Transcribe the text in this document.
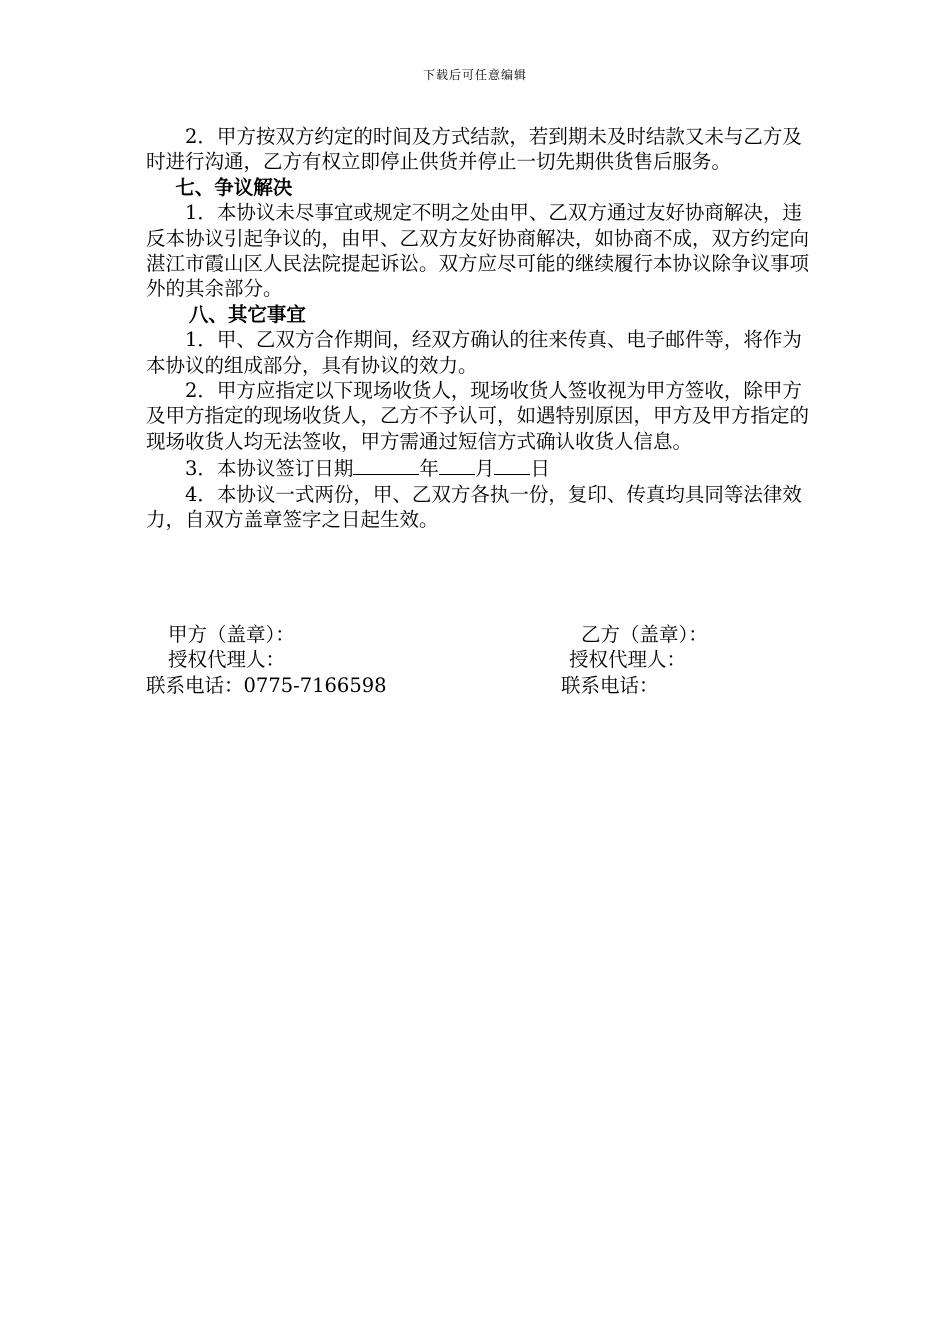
下载后可任意编辑

2．甲方按双方约定的时间及方式结款，若到期未及时结款又未与乙方及时进行沟通，乙方有权立即停止供货并停止一切先期供货售后服务。

七、争议解决

1．本协议未尽事宜或规定不明之处由甲、乙双方通过友好协商解决，违反本协议引起争议的，由甲、乙双方友好协商解决，如协商不成，双方约定向湛江市霞山区人民法院提起诉讼。双方应尽可能的继续履行本协议除争议事项外的其余部分。

八、其它事宜

1．甲、乙双方合作期间，经双方确认的往来传真、电子邮件等，将作为本协议的组成部分，具有协议的效力。

2．甲方应指定以下现场收货人，现场收货人签收视为甲方签收，除甲方及甲方指定的现场收货人，乙方不予认可，如遇特别原因，甲方及甲方指定的现场收货人均无法签收，甲方需通过短信方式确认收货人信息。

3．本协议签订日期	年 月 日

4．本协议一式两份，甲、乙双方各执一份，复印、传真均具同等法律效力，自双方盖章签字之日起生效。

甲方（盖章）：	乙方（盖章）：
授权代理人：	授权代理人：
联系电话：0775-7166598	联系电话：
